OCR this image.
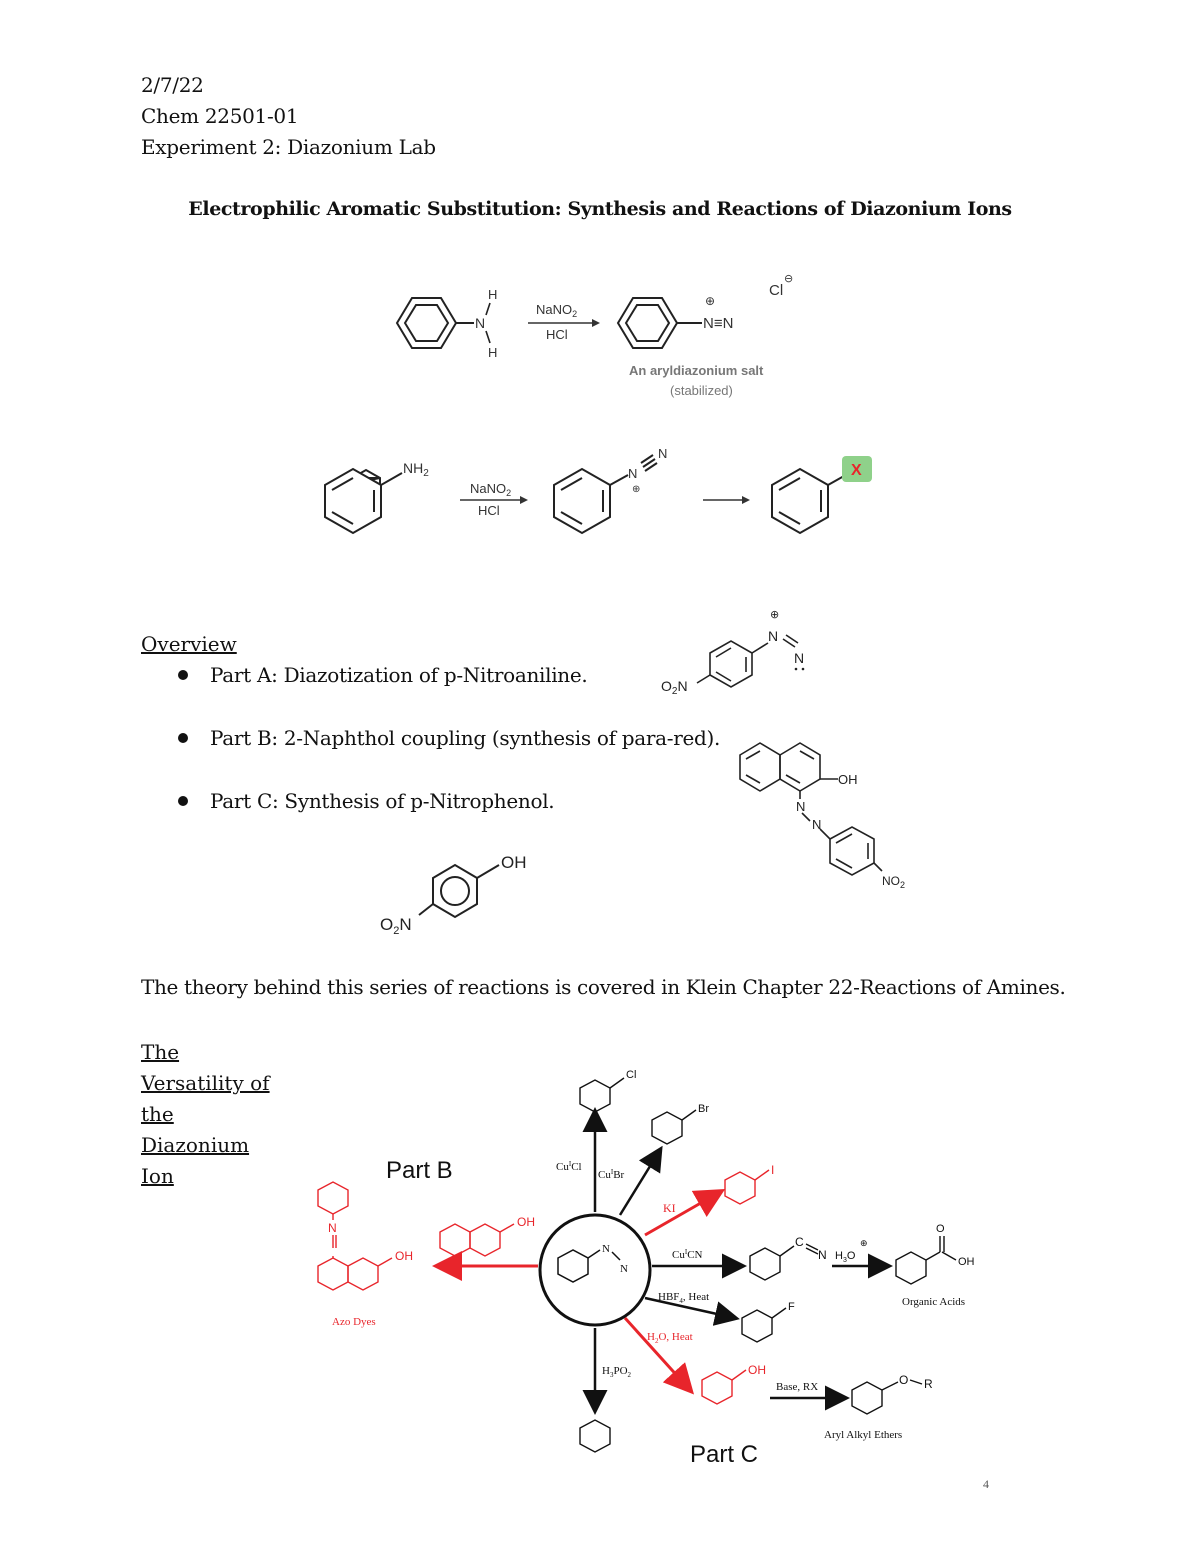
2/7/22
Chem 22501-01
Experiment 2: Diazonium Lab
Electrophilic Aromatic Substitution: Synthesis and Reactions of Diazonium Ions
H
N
H
NaNO$_2$
HCl
⊕
N≡N
Cl
⊖
An aryldiazonium salt
(stabilized)
$NH_2$
NaNO$_2$
HCl
N
N
⊕
X
Overview
Part A: Diazotization of p-Nitroaniline.
Part B: 2-Naphthol coupling (synthesis of para-red).
Part C: Synthesis of p-Nitrophenol.
$O_2N$
⊕
N
N
OH
N
N
$NO_2$
OH
$O_2N$
The theory behind this series of reactions is covered in Klein Chapter 22-Reactions of Amines.
The Versatility of the Diazonium Ion
N
N
Cl
$Cu^ICl$
Br
$Cu^IBr$	I
KI
$Cu^ICN$
C
N $H_3O$
⊕
O
OH
Organic Acids
$HBF_4$, Heat
F
$H_2O$, Heat
OH
Base, RX	O R
Aryl Alkyl Ethers
$H_3PO_2$
Part B
Part C
OH
N
OH
Azo Dyes
4
